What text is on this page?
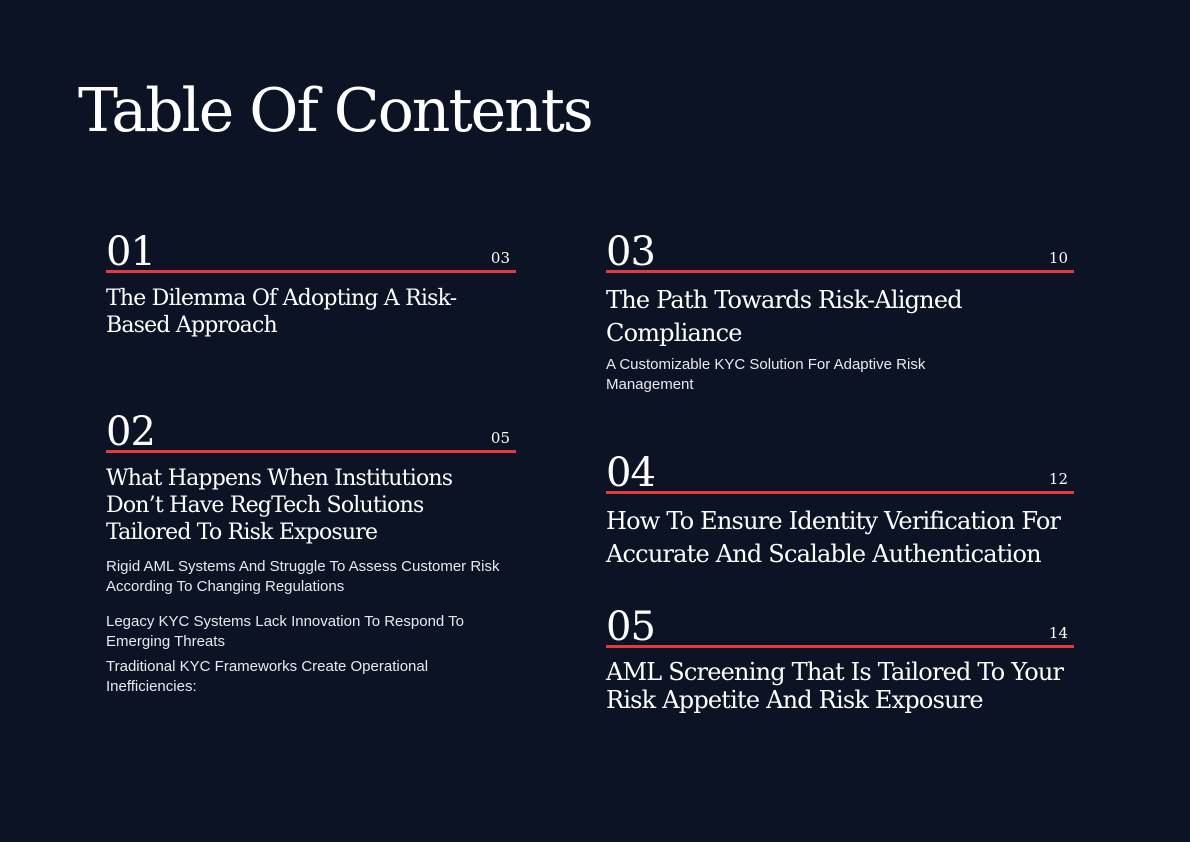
Table Of Contents
01	03
The Dilemma Of Adopting A Risk-
Based Approach
02	05
What Happens When Institutions
Don’t Have RegTech Solutions
Tailored To Risk Exposure
Rigid AML Systems And Struggle To Assess Customer Risk According To Changing Regulations
Legacy KYC Systems Lack Innovation To Respond To Emerging Threats
Traditional KYC Frameworks Create Operational Inefficiencies:
03	10
The Path Towards Risk-Aligned
Compliance
A Customizable KYC Solution For Adaptive Risk Management
04	12
How To Ensure Identity Verification For
Accurate And Scalable Authentication
05	14
AML Screening That Is Tailored To Your
Risk Appetite And Risk Exposure
